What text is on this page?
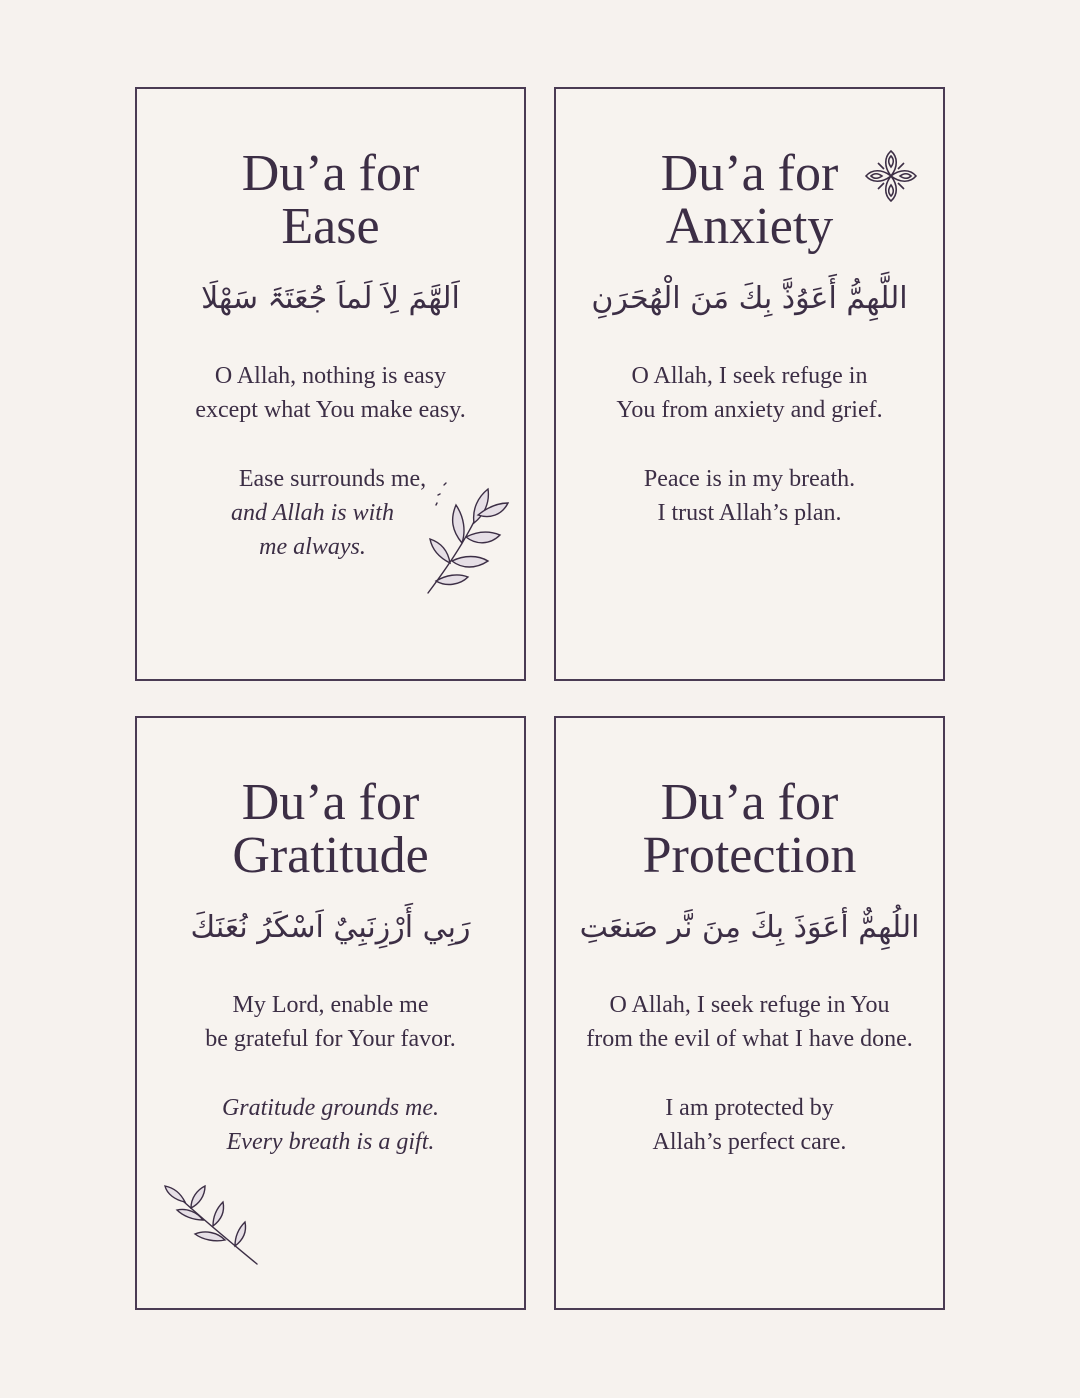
Du’a for
Ease
اَلهَّمَ لِاَ لَماَ جُعَتَۃَ سَهْلَا
O Allah, nothing is easy
except what You make easy.
Ease surrounds me,
and Allah is with
me always.
Du’a for
Anxiety
اللَّهِمُّ أَعَوُذَّ بِكَ مَنَ الْهُحَرَنِ
O Allah, I seek refuge in
You from anxiety and grief.
Peace is in my breath.
I trust Allah’s plan.
Du’a for
Gratitude
رَبِي أَرْزِنَبِيٌ اَسْكَرُ نُعَنَكَ
My Lord, enable me
be grateful for Your favor.
Gratitude grounds me.
Every breath is a gift.
Du’a for
Protection
اللُهِمٌّ أعَوَذَ بِكَ مِنَ نَّر صَنعَتِ
O Allah, I seek refuge in You
from the evil of what I have done.
I am protected by
Allah’s perfect care.
